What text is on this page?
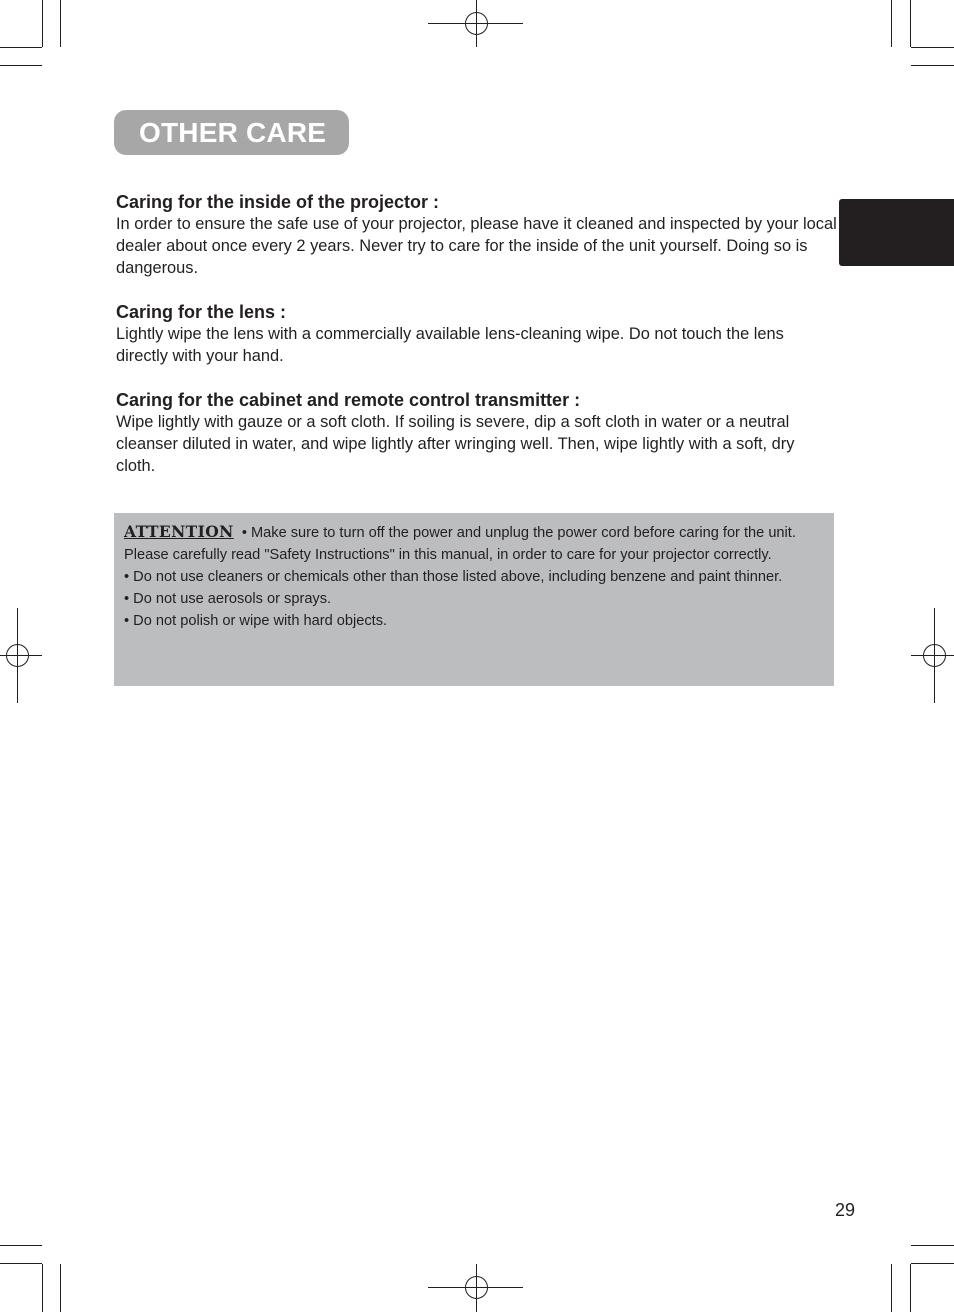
OTHER CARE

Caring for the inside of the projector :

In order to ensure the safe use of your projector, please have it cleaned and inspected by your local dealer about once every 2 years. Never try to care for the inside of the unit yourself. Doing so is dangerous.

Caring for the lens :

Lightly wipe the lens with a commercially available lens-cleaning wipe. Do not touch the lens directly with your hand.

Caring for the cabinet and remote control transmitter :

Wipe lightly with gauze or a soft cloth. If soiling is severe, dip a soft cloth in water or a neutral cleanser diluted in water, and wipe lightly after wringing well. Then, wipe lightly with a soft, dry cloth.

ATTENTION • Make sure to turn off the power and unplug the power cord before caring for the unit. Please carefully read "Safety Instructions" in this manual, in order to care for your projector correctly.

• Do not use cleaners or chemicals other than those listed above, including benzene and paint thinner.

• Do not use aerosols or sprays.

• Do not polish or wipe with hard objects.

29
